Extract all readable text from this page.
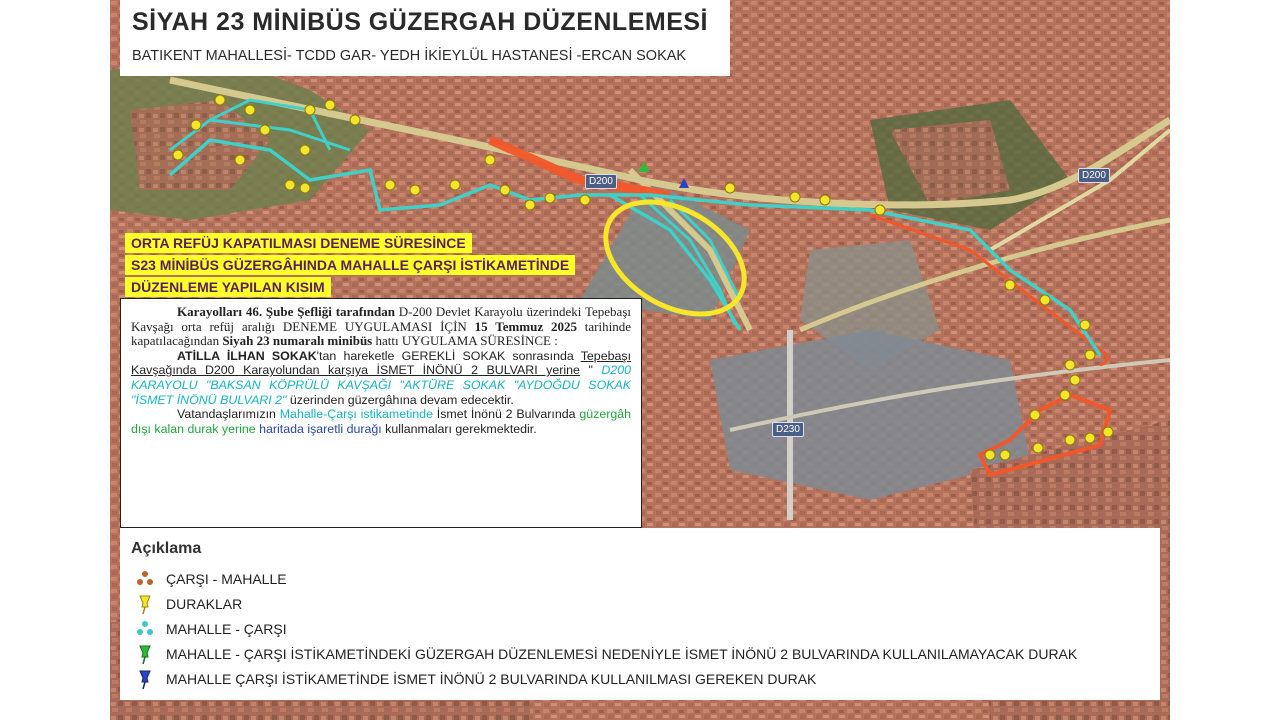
D200
D200
D230
SİYAH 23 MİNİBÜS GÜZERGAH DÜZENLEMESİ
BATIKENT MAHALLESİ- TCDD GAR- YEDH İKİEYLÜL HASTANESİ -ERCAN SOKAK
ORTA REFÜJ KAPATILMASI DENEME SÜRESİNCE
S23 MİNİBÜS GÜZERGÂHINDA MAHALLE ÇARŞI İSTİKAMETİNDE
DÜZENLEME YAPILAN KISIM

Karayolları 46. Şube Şefliği tarafından D-200 Devlet Karayolu üzerindeki Tepebaşı Kavşağı orta refüj aralığı DENEME UYGULAMASI İÇİN 15 Temmuz 2025 tarihinde kapatılacağından Siyah 23 numaralı minibüs hattı UYGULAMA SÜRESİNCE :

ATİLLA İLHAN SOKAK'tan hareketle GEREKLİ SOKAK sonrasında Tepebaşı Kavşağında D200 Karayolundan karşıya İSMET İNÖNÜ 2 BULVARI yerine " D200 KARAYOLU "BAKSAN KÖPRÜLÜ KAVŞAĞI "AKTÜRE SOKAK "AYDOĞDU SOKAK "İSMET İNÖNÜ BULVARI 2" üzerinden güzergâhına devam edecektir.

Vatandaşlarımızın Mahalle-Çarşı istikametinde İsmet İnönü 2 Bulvarında güzergâh dışı kalan durak yerine haritada işaretli durağı kullanmaları gerekmektedir.

Açıklama
ÇARŞI - MAHALLE
DURAKLAR
MAHALLE - ÇARŞI
MAHALLE - ÇARŞI İSTİKAMETİNDEKİ GÜZERGAH DÜZENLEMESİ NEDENİYLE İSMET İNÖNÜ 2 BULVARINDA KULLANILAMAYACAK DURAK
MAHALLE ÇARŞI İSTİKAMETİNDE İSMET İNÖNÜ 2 BULVARINDA KULLANILMASI GEREKEN DURAK
